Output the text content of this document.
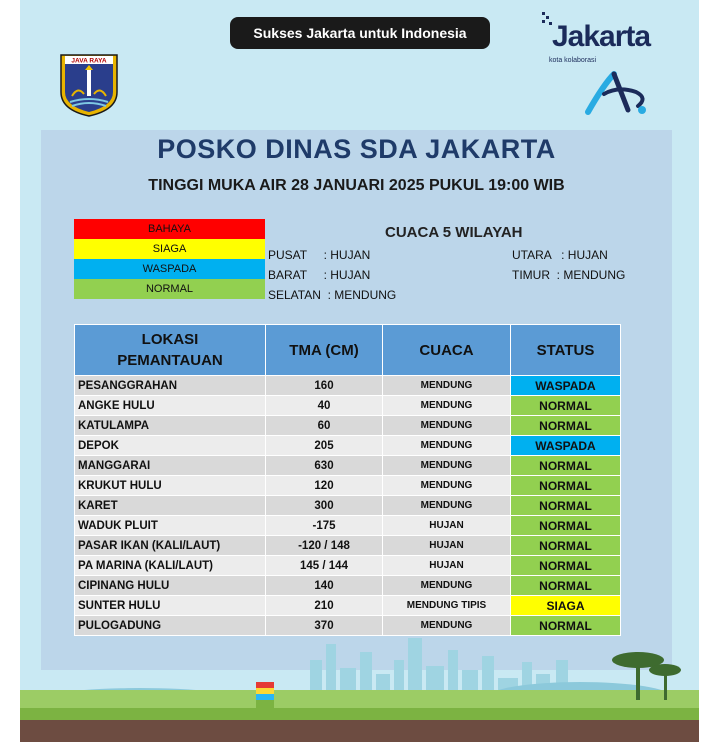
Sukses Jakarta untuk Indonesia
JAVA RAYA
Jakarta
kota kolaborasi
POSKO DINAS SDA JAKARTA
TINGGI MUKA AIR 28 JANUARI 2025 PUKUL 19:00 WIB
BAHAYA
SIAGA
WASPADA
NORMAL
CUACA 5 WILAYAH
PUSAT     : HUJAN
BARAT     : HUJAN
SELATAN  : MENDUNG
UTARA   : HUJAN
TIMUR  : MENDUNG
LOKASI PEMANTAUAN	TMA (CM)	CUACA	STATUS
PESANGGRAHAN	160	MENDUNG	WASPADA
ANGKE HULU	40	MENDUNG	NORMAL
KATULAMPA	60	MENDUNG	NORMAL
DEPOK	205	MENDUNG	WASPADA
MANGGARAI	630	MENDUNG	NORMAL
KRUKUT HULU	120	MENDUNG	NORMAL
KARET	300	MENDUNG	NORMAL
WADUK PLUIT	-175	HUJAN	NORMAL
PASAR IKAN (KALI/LAUT)	-120 / 148	HUJAN	NORMAL
PA MARINA (KALI/LAUT)	145 / 144	HUJAN	NORMAL
CIPINANG HULU	140	MENDUNG	NORMAL
SUNTER HULU	210	MENDUNG TIPIS	SIAGA
PULOGADUNG	370	MENDUNG	NORMAL
